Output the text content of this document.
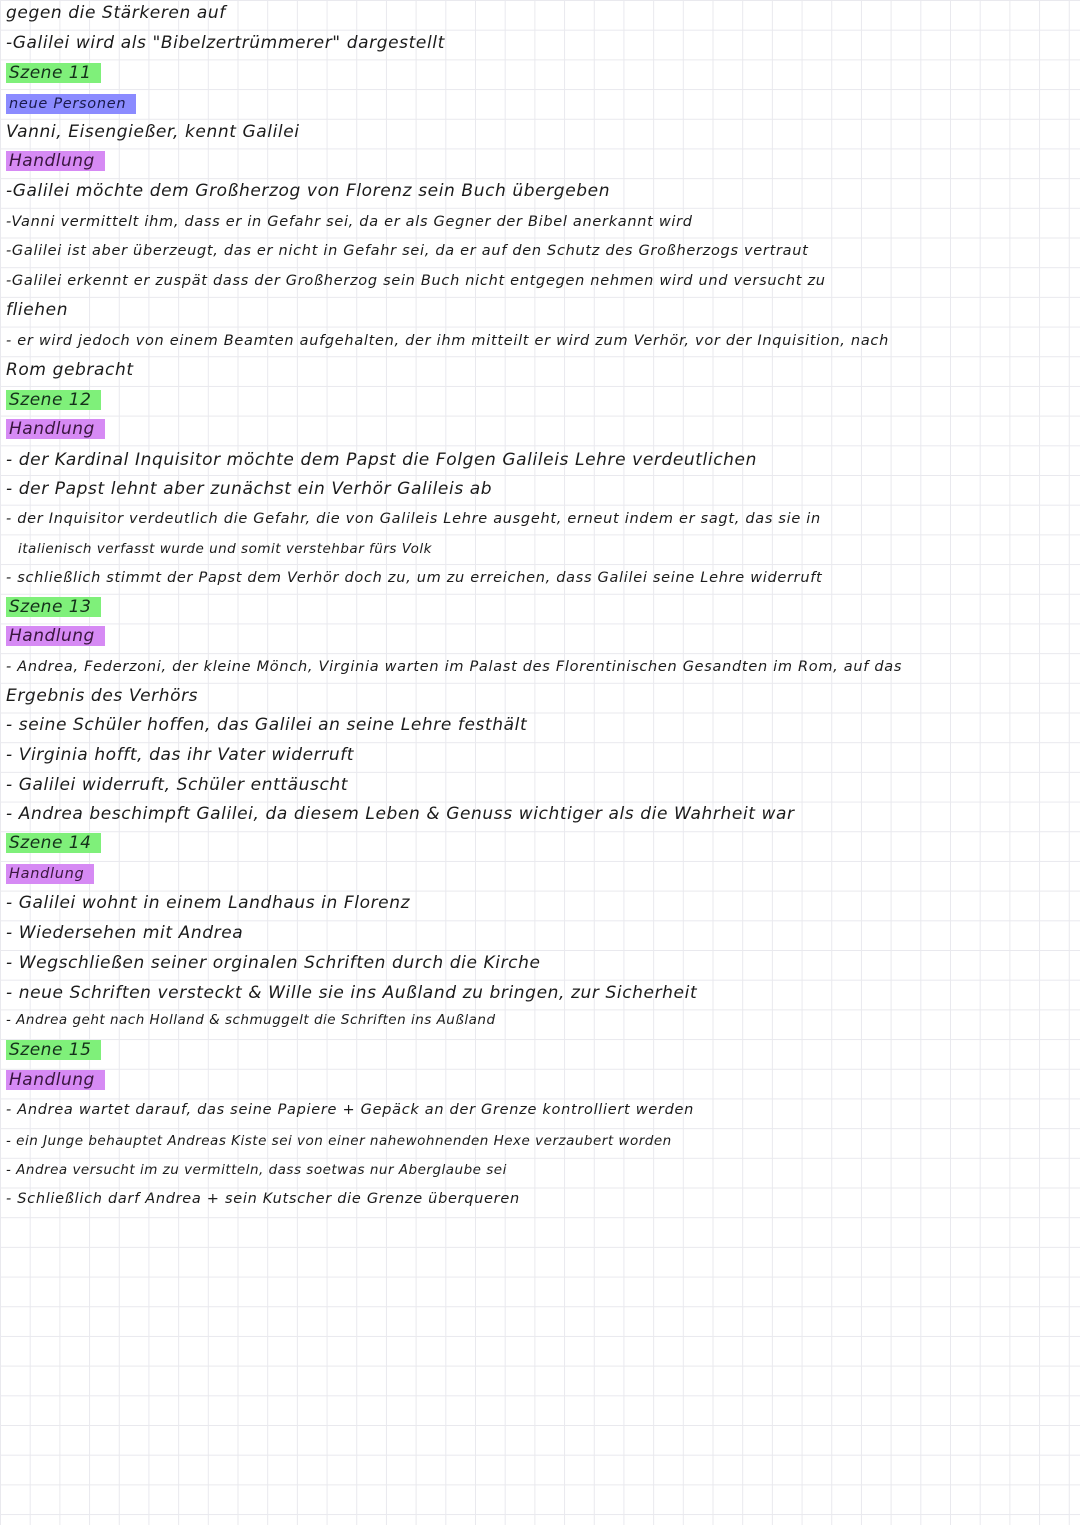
gegen die Stärkeren auf
-Galilei wird als "Bibelzertrümmerer" dargestellt
Szene 11
neue Personen
Vanni, Eisengießer, kennt Galilei
Handlung
-Galilei möchte dem Großherzog von Florenz sein Buch übergeben
-Vanni vermittelt ihm, dass er in Gefahr sei, da er als Gegner der Bibel anerkannt wird
-Galilei ist aber überzeugt, das er nicht in Gefahr sei, da er auf den Schutz des Großherzogs vertraut
-Galilei erkennt er zuspät dass der Großherzog sein Buch nicht entgegen nehmen wird und versucht zu
fliehen
- er wird jedoch von einem Beamten aufgehalten, der ihm mitteilt er wird zum Verhör, vor der Inquisition, nach
Rom gebracht
Szene 12
Handlung
- der Kardinal Inquisitor möchte dem Papst die Folgen Galileis Lehre verdeutlichen
- der Papst lehnt aber zunächst ein Verhör Galileis ab
- der Inquisitor verdeutlich die Gefahr, die von Galileis Lehre ausgeht, erneut indem er sagt, das sie in
italienisch verfasst wurde und somit verstehbar fürs Volk
- schließlich stimmt der Papst dem Verhör doch zu, um zu erreichen, dass Galilei seine Lehre widerruft
Szene 13
Handlung
- Andrea, Federzoni, der kleine Mönch, Virginia warten im Palast des Florentinischen Gesandten im Rom, auf das
Ergebnis des Verhörs
- seine Schüler hoffen, das Galilei an seine Lehre festhält
- Virginia hofft, das ihr Vater widerruft
- Galilei widerruft, Schüler enttäuscht
- Andrea beschimpft Galilei, da diesem Leben & Genuss wichtiger als die Wahrheit war
Szene 14
Handlung
- Galilei wohnt in einem Landhaus in Florenz
- Wiedersehen mit Andrea
- Wegschließen seiner orginalen Schriften durch die Kirche
- neue Schriften versteckt & Wille sie ins Außland zu bringen, zur Sicherheit
- Andrea geht nach Holland & schmuggelt die Schriften ins Außland
Szene 15
Handlung
- Andrea wartet darauf, das seine Papiere + Gepäck an der Grenze kontrolliert werden
- ein Junge behauptet Andreas Kiste sei von einer nahewohnenden Hexe verzaubert worden
- Andrea versucht im zu vermitteln, dass soetwas nur Aberglaube sei
- Schließlich darf Andrea + sein Kutscher die Grenze überqueren
